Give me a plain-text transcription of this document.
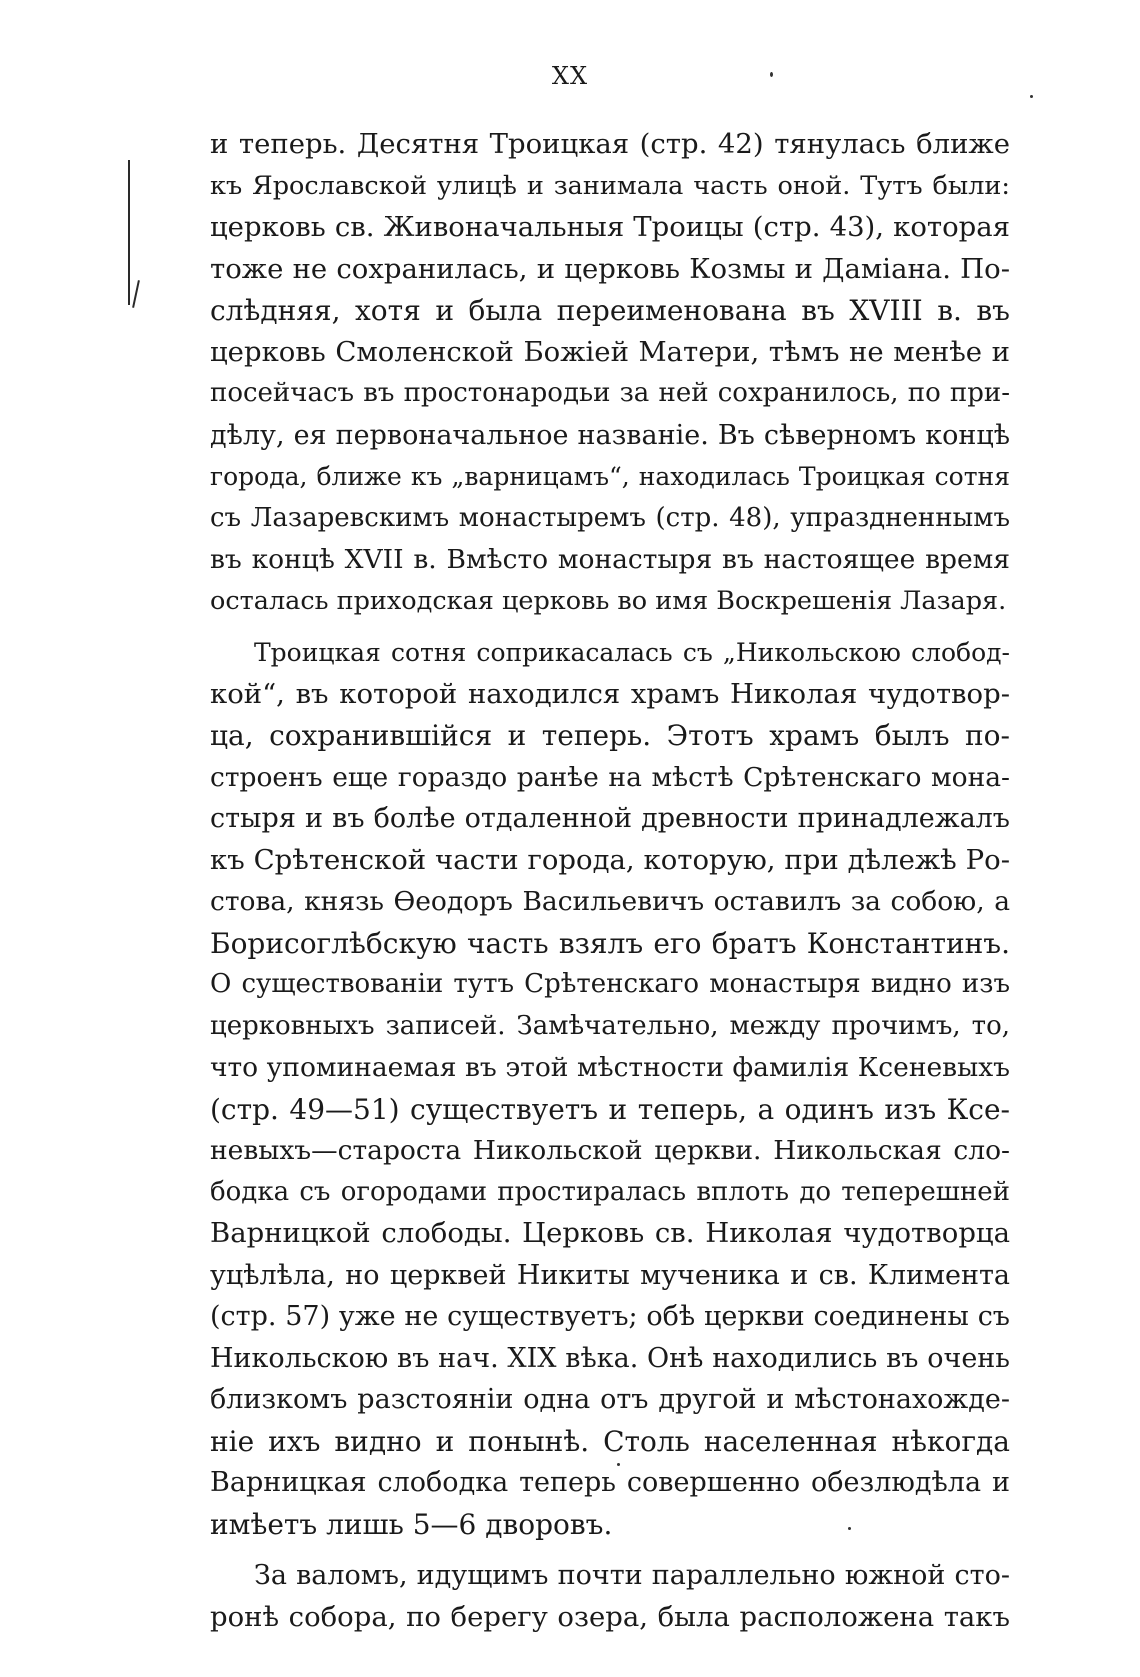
XX
и теперь. Десятня Троицкая (стр. 42) тянулась ближе
къ Ярославской улицѣ и занимала часть оной. Тутъ были:
церковь св. Живоначальныя Троицы (стр. 43), которая
тоже не сохранилась, и церковь Козмы и Даміана. По-
слѣдняя, хотя и была переименована въ XVIII в. въ
церковь Смоленской Божіей Матери, тѣмъ не менѣе и
посейчасъ въ простонародьи за ней сохранилось, по при-
дѣлу, ея первоначальное названіе. Въ сѣверномъ концѣ
города, ближе къ „варницамъ“, находилась Троицкая сотня
съ Лазаревскимъ монастыремъ (стр. 48), упраздненнымъ
въ концѣ XVII в. Вмѣсто монастыря въ настоящее время
осталась приходская церковь во имя Воскрешенія Лазаря.
Троицкая сотня соприкасалась съ „Никольскою слобод-
кой“, въ которой находился храмъ Николая чудотвор-
ца, сохранившійся и теперь. Этотъ храмъ былъ по-
строенъ еще гораздо ранѣе на мѣстѣ Срѣтенскаго мона-
стыря и въ болѣе отдаленной древности принадлежалъ
къ Срѣтенской части города, которую, при дѣлежѣ Ро-
стова, князь Ѳеодоръ Васильевичъ оставилъ за собою, а
Борисоглѣбскую часть взялъ его братъ Константинъ.
О существованіи тутъ Срѣтенскаго монастыря видно изъ
церковныхъ записей. Замѣчательно, между прочимъ, то,
что упоминаемая въ этой мѣстности фамилія Ксеневыхъ
(стр. 49—51) существуетъ и теперь, а одинъ изъ Ксе-
невыхъ—староста Никольской церкви. Никольская сло-
бодка съ огородами простиралась вплоть до теперешней
Варницкой слободы. Церковь св. Николая чудотворца
уцѣлѣла, но церквей Никиты мученика и св. Климента
(стр. 57) уже не существуетъ; обѣ церкви соединены съ
Никольскою въ нач. XIX вѣка. Онѣ находились въ очень
близкомъ разстояніи одна отъ другой и мѣстонахожде-
ніе ихъ видно и понынѣ. Столь населенная нѣкогда
Варницкая слободка теперь совершенно обезлюдѣла и
имѣетъ лишь 5—6 дворовъ.
За валомъ, идущимъ почти параллельно южной сто-
ронѣ собора, по берегу озера, была расположена такъ
